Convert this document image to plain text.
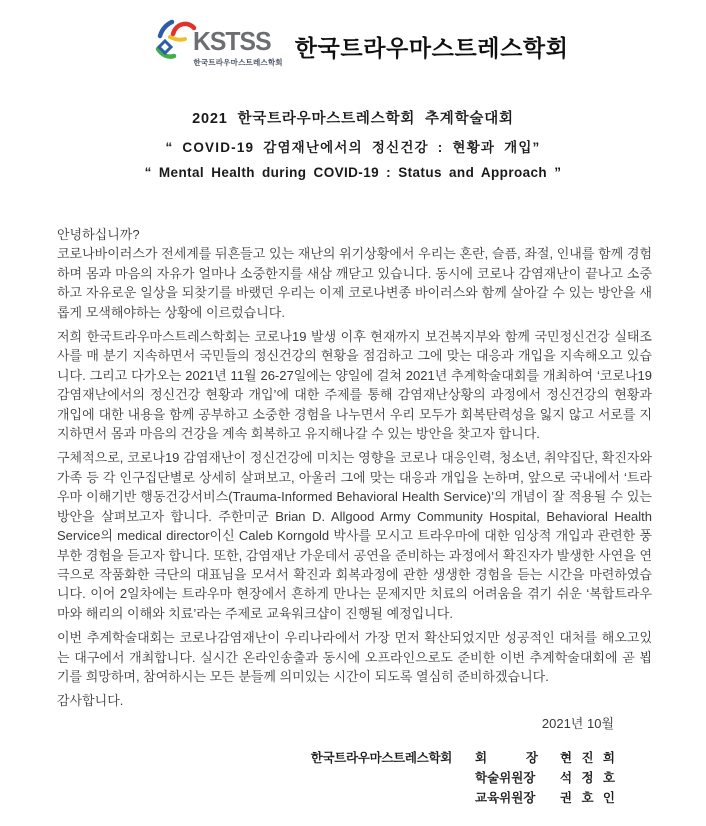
KSTSS
한국트라우마스트레스학회
한국트라우마스트레스학회
2021 한국트라우마스트레스학회 추계학술대회
“ COVID-19 감염재난에서의 정신건강 : 현황과 개입”
“ Mental Health during COVID-19 : Status and Approach ”
안녕하십니까?

코로나바이러스가 전세계를 뒤흔들고 있는 재난의 위기상황에서 우리는 혼란, 슬픔, 좌절, 인내를 함께 경험하며 몸과 마음의 자유가 얼마나 소중한지를 새삼 깨닫고 있습니다. 동시에 코로나 감염재난이 끝나고 소중하고 자유로운 일상을 되찾기를 바랬던 우리는 이제 코로나변종 바이러스와 함께 살아갈 수 있는 방안을 새롭게 모색해야하는 상황에 이르렀습니다.

저희 한국트라우마스트레스학회는 코로나19 발생 이후 현재까지 보건복지부와 함께 국민정신건강 실태조사를 매 분기 지속하면서 국민들의 정신건강의 현황을 점검하고 그에 맞는 대응과 개입을 지속해오고 있습니다. 그리고 다가오는 2021년 11월 26-27일에는 양일에 걸쳐 2021년 추계학술대회를 개최하여 ‘코로나19 감염재난에서의 정신건강 현황과 개입’에 대한 주제를 통해 감염재난상황의 과정에서 정신건강의 현황과 개입에 대한 내용을 함께 공부하고 소중한 경험을 나누면서 우리 모두가 회복탄력성을 잃지 않고 서로를 지지하면서 몸과 마음의 건강을 계속 회복하고 유지해나갈 수 있는 방안을 찾고자 합니다.

구체적으로, 코로나19 감염재난이 정신건강에 미치는 영향을 코로나 대응인력, 청소년, 취약집단, 확진자와 가족 등 각 인구집단별로 상세히 살펴보고, 아울러 그에 맞는 대응과 개입을 논하며, 앞으로 국내에서 ‘트라우마 이해기반 행동건강서비스(Trauma-Informed Behavioral Health Service)’의 개념이 잘 적용될 수 있는 방안을 살펴보고자 합니다. 주한미군 Brian D. Allgood Army Community Hospital, Behavioral Health Service의 medical director이신 Caleb Korngold 박사를 모시고 트라우마에 대한 임상적 개입과 관련한 풍부한 경험을 듣고자 합니다. 또한, 감염재난 가운데서 공연을 준비하는 과정에서 확진자가 발생한 사연을 연극으로 작품화한 극단의 대표님을 모셔서 확진과 회복과정에 관한 생생한 경험을 듣는 시간을 마련하였습니다. 이어 2일차에는 트라우마 현장에서 흔하게 만나는 문제지만 치료의 어려움을 겪기 쉬운 ‘복합트라우마와 해리의 이해와 치료’라는 주제로 교육워크샵이 진행될 예정입니다.

이번 추계학술대회는 코로나감염재난이 우리나라에서 가장 먼저 확산되었지만 성공적인 대처를 해오고있는 대구에서 개최합니다. 실시간 온라인송출과 동시에 오프라인으로도 준비한 이번 추계학술대회에 곧 뵙기를 희망하며, 참여하시는 모든 분들께 의미있는 시간이 되도록 열심히 준비하겠습니다.

감사합니다.
2021년 10월
한국트라우마스트레스학회 회 장 현 진 희
학술위원장 석 정 호
교육위원장 권 호 인
